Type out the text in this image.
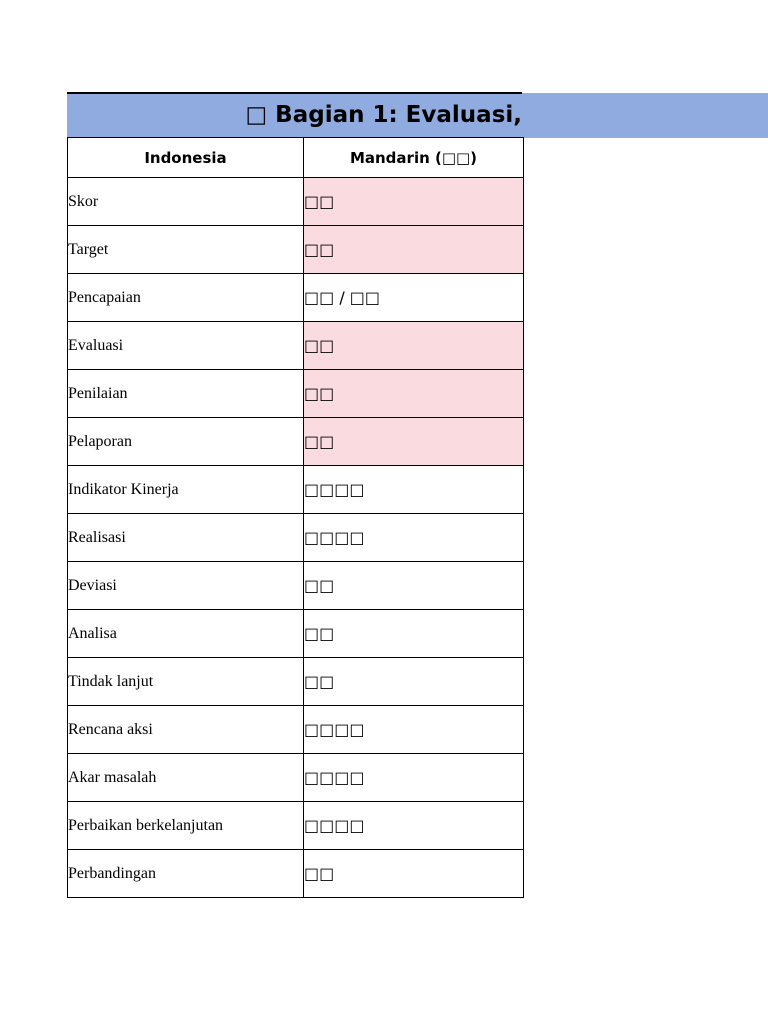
□ Bagian 1: Evaluasi,
Indonesia	Mandarin (□□)
Skor	□□
Target	□□
Pencapaian	□□ / □□
Evaluasi	□□
Penilaian	□□
Pelaporan	□□
Indikator Kinerja	□□□□
Realisasi	□□□□
Deviasi	□□
Analisa	□□
Tindak lanjut	□□
Rencana aksi	□□□□
Akar masalah	□□□□
Perbaikan berkelanjutan	□□□□
Perbandingan	□□
